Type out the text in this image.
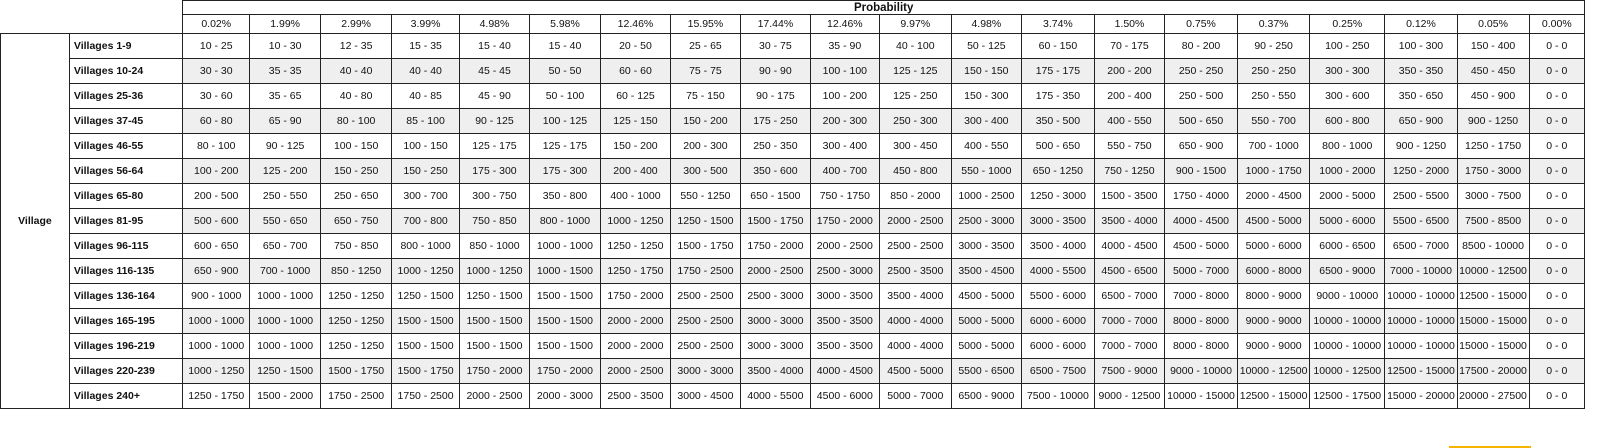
		Probability																			
		0.02%	1.99%	2.99%	3.99%	4.98%	5.98%	12.46%	15.95%	17.44%	12.46%	9.97%	4.98%	3.74%	1.50%	0.75%	0.37%	0.25%	0.12%	0.05%	0.00%
Village	Villages 1-9	10 - 25	10 - 30	12 - 35	15 - 35	15 - 40	15 - 40	20 - 50	25 - 65	30 - 75	35 - 90	40 - 100	50 - 125	60 - 150	70 - 175	80 - 200	90 - 250	100 - 250	100 - 300	150 - 400	0 - 0
	Villages 10-24	30 - 30	35 - 35	40 - 40	40 - 40	45 - 45	50 - 50	60 - 60	75 - 75	90 - 90	100 - 100	125 - 125	150 - 150	175 - 175	200 - 200	250 - 250	250 - 250	300 - 300	350 - 350	450 - 450	0 - 0
	Villages 25-36	30 - 60	35 - 65	40 - 80	40 - 85	45 - 90	50 - 100	60 - 125	75 - 150	90 - 175	100 - 200	125 - 250	150 - 300	175 - 350	200 - 400	250 - 500	250 - 550	300 - 600	350 - 650	450 - 900	0 - 0
	Villages 37-45	60 - 80	65 - 90	80 - 100	85 - 100	90 - 125	100 - 125	125 - 150	150 - 200	175 - 250	200 - 300	250 - 300	300 - 400	350 - 500	400 - 550	500 - 650	550 - 700	600 - 800	650 - 900	900 - 1250	0 - 0
	Villages 46-55	80 - 100	90 - 125	100 - 150	100 - 150	125 - 175	125 - 175	150 - 200	200 - 300	250 - 350	300 - 400	300 - 450	400 - 550	500 - 650	550 - 750	650 - 900	700 - 1000	800 - 1000	900 - 1250	1250 - 1750	0 - 0
	Villages 56-64	100 - 200	125 - 200	150 - 250	150 - 250	175 - 300	175 - 300	200 - 400	300 - 500	350 - 600	400 - 700	450 - 800	550 - 1000	650 - 1250	750 - 1250	900 - 1500	1000 - 1750	1000 - 2000	1250 - 2000	1750 - 3000	0 - 0
	Villages 65-80	200 - 500	250 - 550	250 - 650	300 - 700	300 - 750	350 - 800	400 - 1000	550 - 1250	650 - 1500	750 - 1750	850 - 2000	1000 - 2500	1250 - 3000	1500 - 3500	1750 - 4000	2000 - 4500	2000 - 5000	2500 - 5500	3000 - 7500	0 - 0
	Villages 81-95	500 - 600	550 - 650	650 - 750	700 - 800	750 - 850	800 - 1000	1000 - 1250	1250 - 1500	1500 - 1750	1750 - 2000	2000 - 2500	2500 - 3000	3000 - 3500	3500 - 4000	4000 - 4500	4500 - 5000	5000 - 6000	5500 - 6500	7500 - 8500	0 - 0
	Villages 96-115	600 - 650	650 - 700	750 - 850	800 - 1000	850 - 1000	1000 - 1000	1250 - 1250	1500 - 1750	1750 - 2000	2000 - 2500	2500 - 2500	3000 - 3500	3500 - 4000	4000 - 4500	4500 - 5000	5000 - 6000	6000 - 6500	6500 - 7000	8500 - 10000	0 - 0
	Villages 116-135	650 - 900	700 - 1000	850 - 1250	1000 - 1250	1000 - 1250	1000 - 1500	1250 - 1750	1750 - 2500	2000 - 2500	2500 - 3000	2500 - 3500	3500 - 4500	4000 - 5500	4500 - 6500	5000 - 7000	6000 - 8000	6500 - 9000	7000 - 10000	10000 - 12500	0 - 0
	Villages 136-164	900 - 1000	1000 - 1000	1250 - 1250	1250 - 1500	1250 - 1500	1500 - 1500	1750 - 2000	2500 - 2500	2500 - 3000	3000 - 3500	3500 - 4000	4500 - 5000	5500 - 6000	6500 - 7000	7000 - 8000	8000 - 9000	9000 - 10000	10000 - 10000	12500 - 15000	0 - 0
	Villages 165-195	1000 - 1000	1000 - 1000	1250 - 1250	1500 - 1500	1500 - 1500	1500 - 1500	2000 - 2000	2500 - 2500	3000 - 3000	3500 - 3500	4000 - 4000	5000 - 5000	6000 - 6000	7000 - 7000	8000 - 8000	9000 - 9000	10000 - 10000	10000 - 10000	15000 - 15000	0 - 0
	Villages 196-219	1000 - 1000	1000 - 1000	1250 - 1250	1500 - 1500	1500 - 1500	1500 - 1500	2000 - 2000	2500 - 2500	3000 - 3000	3500 - 3500	4000 - 4000	5000 - 5000	6000 - 6000	7000 - 7000	8000 - 8000	9000 - 9000	10000 - 10000	10000 - 10000	15000 - 15000	0 - 0
	Villages 220-239	1000 - 1250	1250 - 1500	1500 - 1750	1500 - 1750	1750 - 2000	1750 - 2000	2000 - 2500	3000 - 3000	3500 - 4000	4000 - 4500	4500 - 5000	5500 - 6500	6500 - 7500	7500 - 9000	9000 - 10000	10000 - 12500	10000 - 12500	12500 - 15000	17500 - 20000	0 - 0
	Villages 240+	1250 - 1750	1500 - 2000	1750 - 2500	1750 - 2500	2000 - 2500	2000 - 3000	2500 - 3500	3000 - 4500	4000 - 5500	4500 - 6000	5000 - 7000	6500 - 9000	7500 - 10000	9000 - 12500	10000 - 15000	12500 - 15000	12500 - 17500	15000 - 20000	20000 - 27500	0 - 0
